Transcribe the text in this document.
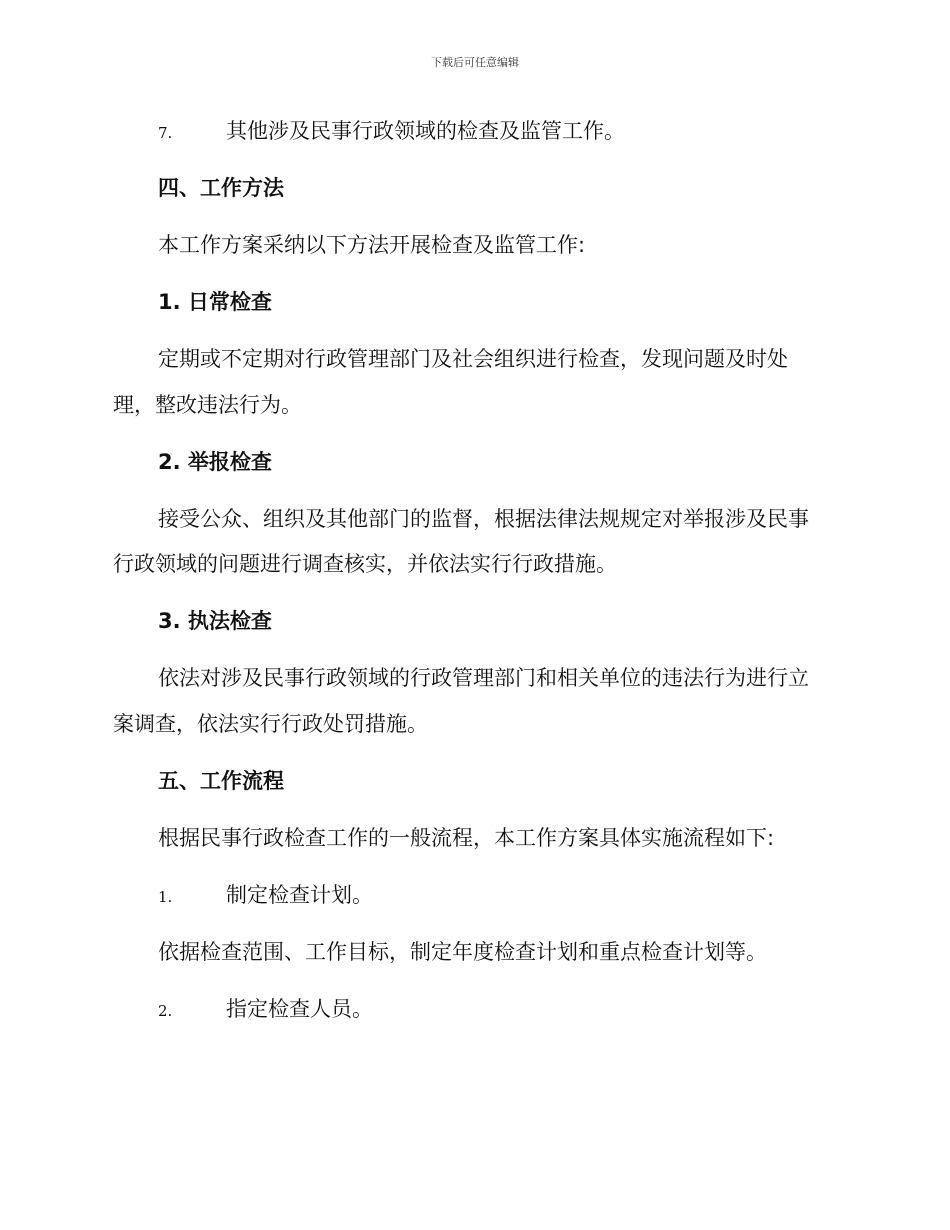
下载后可任意编辑
7.	其他涉及民事行政领域的检查及监管工作。
四、工作方法
本工作方案采纳以下方法开展检查及监管工作:
1. 日常检查
定期或不定期对行政管理部门及社会组织进行检查，发现问题及时处
理，整改违法行为。
2. 举报检查
接受公众、组织及其他部门的监督，根据法律法规规定对举报涉及民事
行政领域的问题进行调查核实，并依法实行行政措施。
3. 执法检查
依法对涉及民事行政领域的行政管理部门和相关单位的违法行为进行立
案调查，依法实行行政处罚措施。
五、工作流程
根据民事行政检查工作的一般流程，本工作方案具体实施流程如下:
1.	制定检查计划。
依据检查范围、工作目标，制定年度检查计划和重点检查计划等。
2.	指定检查人员。
